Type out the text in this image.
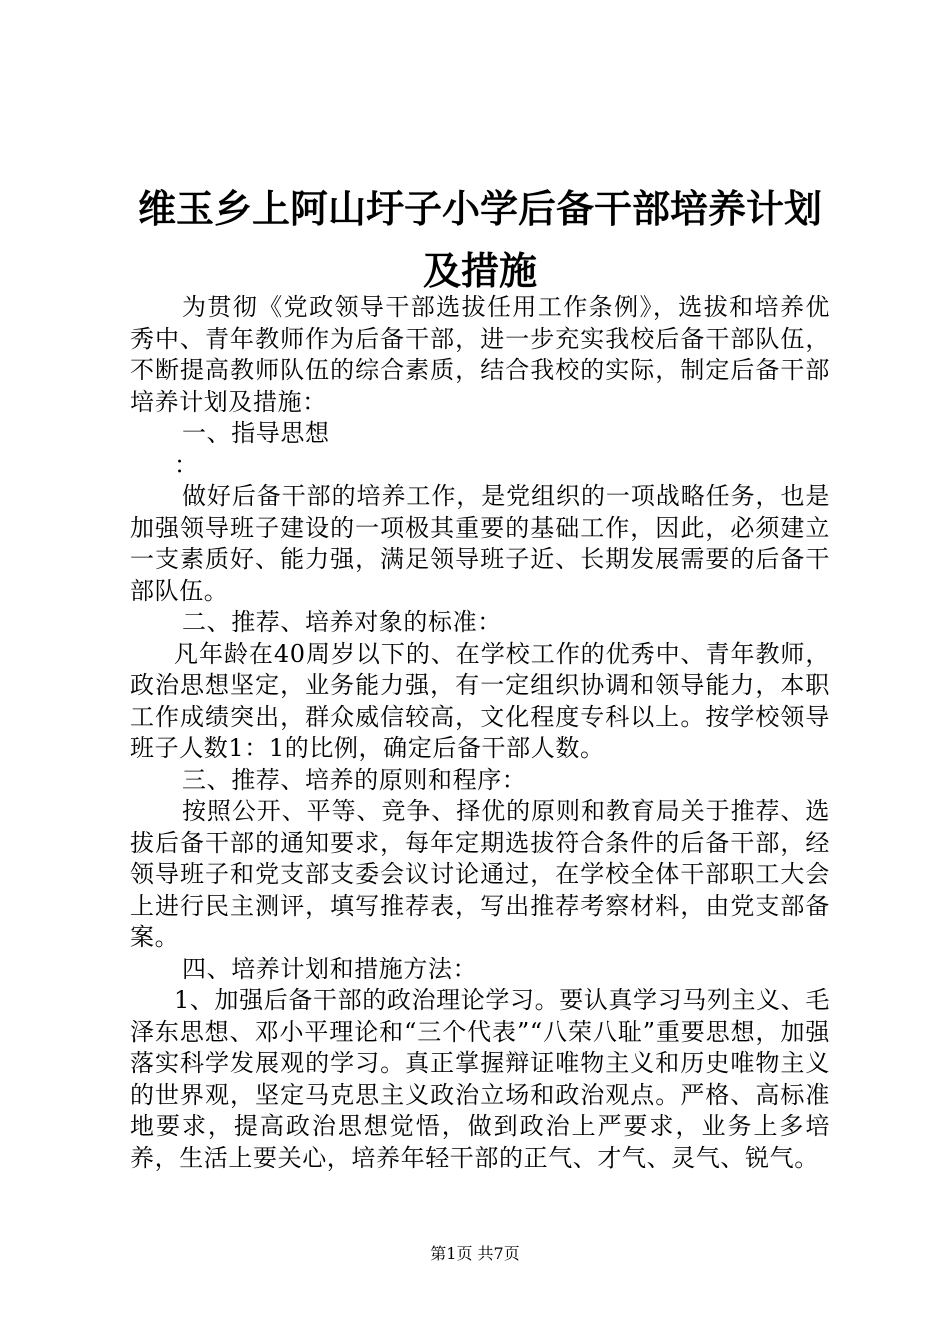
维玉乡上阿山圩子小学后备干部培养计划及措施

为贯彻《党政领导干部选拔任用工作条例》，选拔和培养优秀中、青年教师作为后备干部，进一步充实我校后备干部队伍，不断提高教师队伍的综合素质，结合我校的实际，制定后备干部培养计划及措施：

一、指导思想

：

做好后备干部的培养工作，是党组织的一项战略任务，也是加强领导班子建设的一项极其重要的基础工作，因此，必须建立一支素质好、能力强，满足领导班子近、长期发展需要的后备干部队伍。

二、推荐、培养对象的标准：

凡年龄在40周岁以下的、在学校工作的优秀中、青年教师，政治思想坚定，业务能力强，有一定组织协调和领导能力，本职工作成绩突出，群众威信较高，文化程度专科以上。按学校领导班子人数1：1的比例，确定后备干部人数。

三、推荐、培养的原则和程序：

按照公开、平等、竞争、择优的原则和教育局关于推荐、选拔后备干部的通知要求，每年定期选拔符合条件的后备干部，经领导班子和党支部支委会议讨论通过，在学校全体干部职工大会上进行民主测评，填写推荐表，写出推荐考察材料，由党支部备案。

四、培养计划和措施方法：

1、加强后备干部的政治理论学习。要认真学习马列主义、毛泽东思想、邓小平理论和“三个代表”“八荣八耻”重要思想，加强落实科学发展观的学习。真正掌握辩证唯物主义和历史唯物主义的世界观，坚定马克思主义政治立场和政治观点。严格、高标准地要求，提高政治思想觉悟，做到政治上严要求，业务上多培养，生活上要关心，培养年轻干部的正气、才气、灵气、锐气。

第1页 共7页
